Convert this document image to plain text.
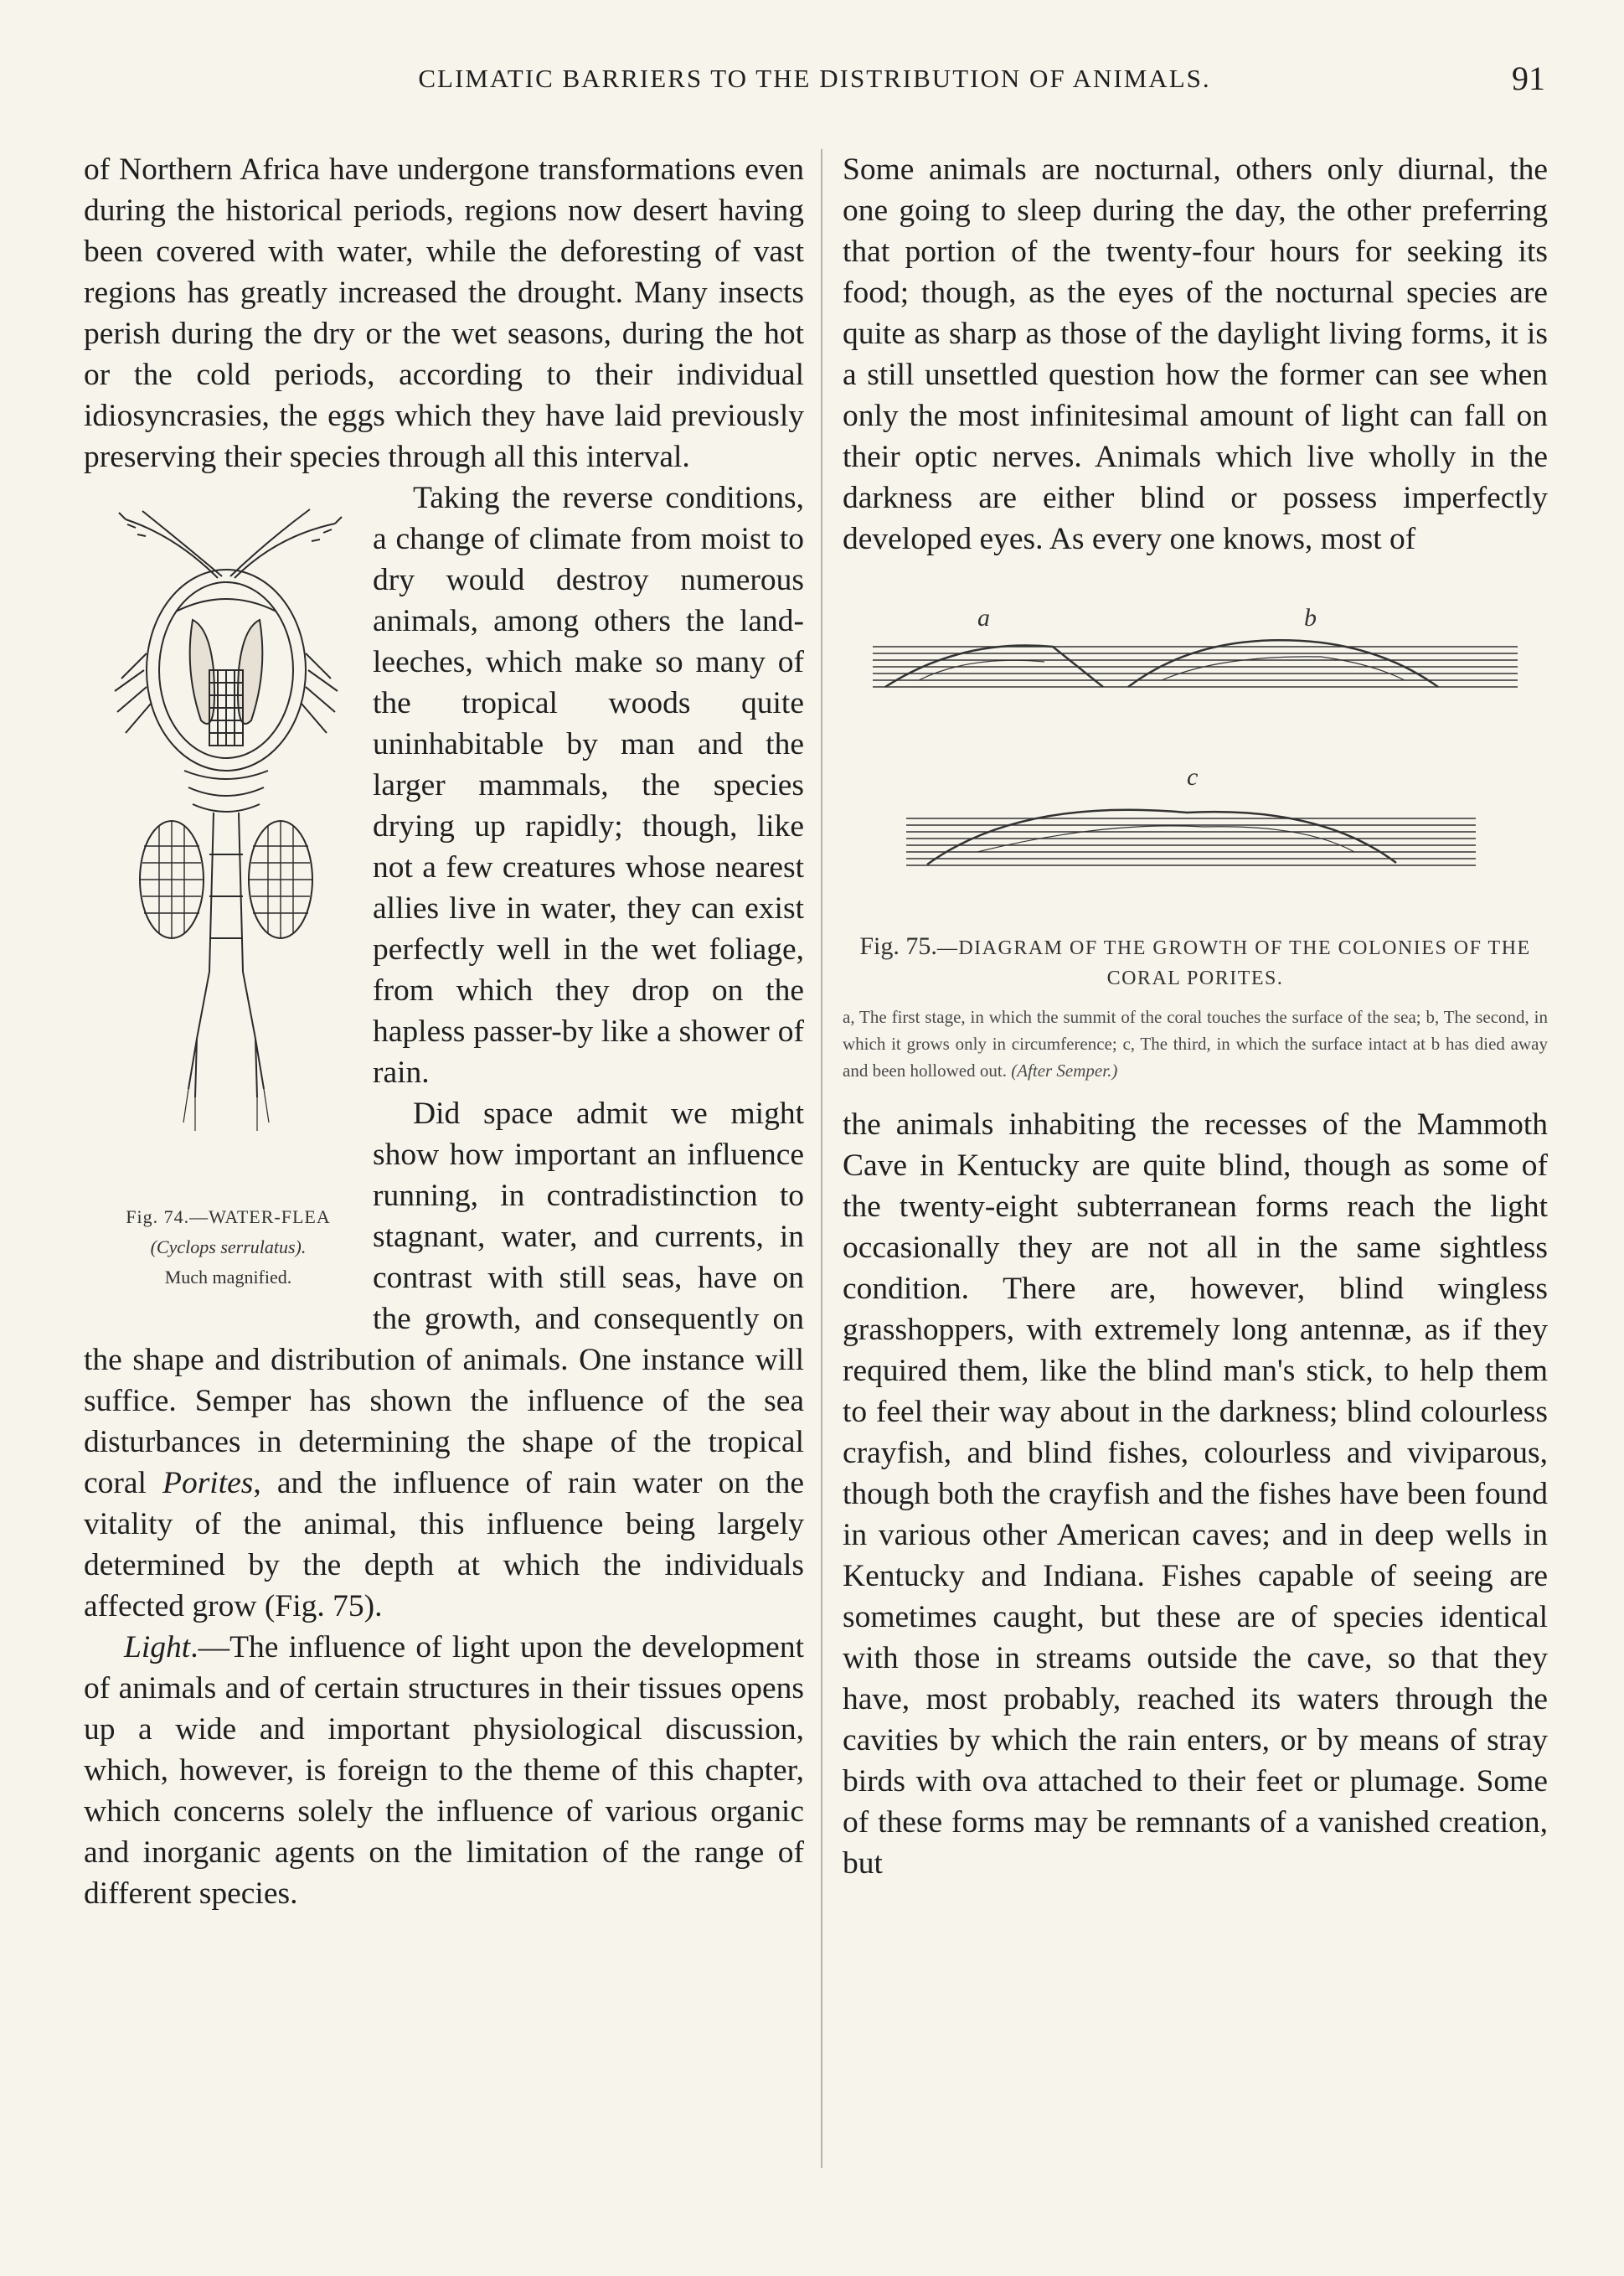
CLIMATIC BARRIERS TO THE DISTRIBUTION OF ANIMALS.	91

of Northern Africa have undergone transformations even during the historical periods, regions now desert having been covered with water, while the deforesting of vast regions has greatly increased the drought. Many insects perish during the dry or the wet seasons, during the hot or the cold periods, according to their individual idiosyncrasies, the eggs which they have laid previously preserving their species through all this interval.

Fig. 74.—WATER-FLEA
(Cyclops serrulatus).
Much magnified.

Taking the reverse conditions, a change of climate from moist to dry would destroy numerous animals, among others the land-leeches, which make so many of the tropical woods quite uninhabitable by man and the larger mammals, the species drying up rapidly; though, like not a few creatures whose nearest allies live in water, they can exist perfectly well in the wet foliage, from which they drop on the hapless passer-by like a shower of rain.

Did space admit we might show how important an influence running, in contradistinction to stagnant, water, and currents, in contrast with still seas, have on the growth, and consequently on the shape and distribution of animals. One instance will suffice. Semper has shown the influence of the sea disturbances in determining the shape of the tropical coral Porites, and the influence of rain water on the vitality of the animal, this influence being largely determined by the depth at which the individuals affected grow (Fig. 75).

Light.—The influence of light upon the development of animals and of certain structures in their tissues opens up a wide and important physiological discussion, which, however, is foreign to the theme of this chapter, which concerns solely the influence of various organic and inorganic agents on the limitation of the range of different species.

Some animals are nocturnal, others only diurnal, the one going to sleep during the day, the other preferring that portion of the twenty-four hours for seeking its food; though, as the eyes of the nocturnal species are quite as sharp as those of the daylight living forms, it is a still unsettled question how the former can see when only the most infinitesimal amount of light can fall on their optic nerves. Animals which live wholly in the darkness are either blind or possess imperfectly developed eyes. As every one knows, most of

a	b
c
Fig. 75.—DIAGRAM OF THE GROWTH OF THE COLONIES OF THE CORAL PORITES.
a, The first stage, in which the summit of the coral touches the surface of the sea; b, The second, in which it grows only in circumference; c, The third, in which the surface intact at b has died away and been hollowed out. (After Semper.)

the animals inhabiting the recesses of the Mammoth Cave in Kentucky are quite blind, though as some of the twenty-eight subterranean forms reach the light occasionally they are not all in the same sightless condition. There are, however, blind wingless grasshoppers, with extremely long antennæ, as if they required them, like the blind man's stick, to help them to feel their way about in the darkness; blind colourless crayfish, and blind fishes, colourless and viviparous, though both the crayfish and the fishes have been found in various other American caves; and in deep wells in Kentucky and Indiana. Fishes capable of seeing are sometimes caught, but these are of species identical with those in streams outside the cave, so that they have, most probably, reached its waters through the cavities by which the rain enters, or by means of stray birds with ova attached to their feet or plumage. Some of these forms may be remnants of a vanished creation, but
